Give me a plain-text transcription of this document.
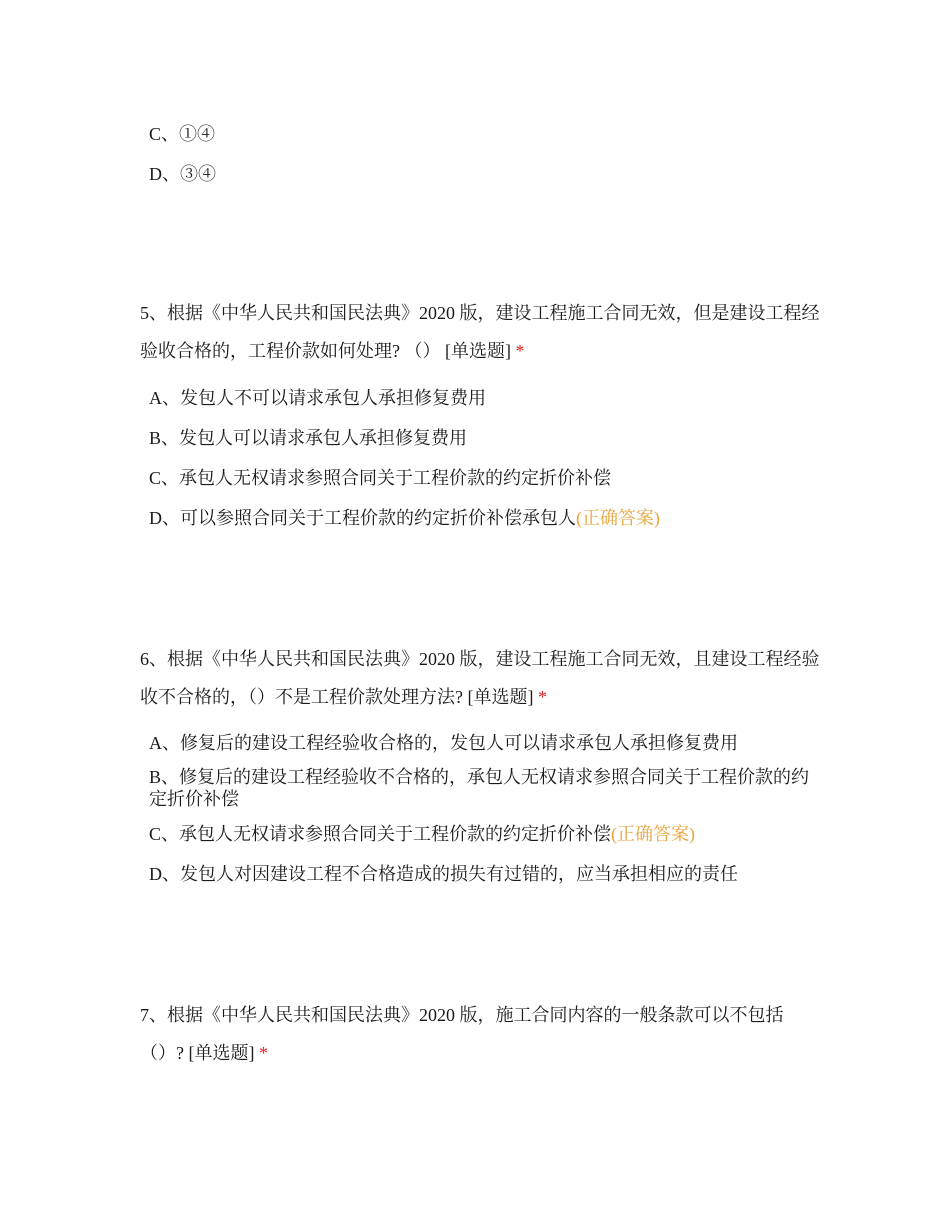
C、①④

D、③④

5、根据《中华人民共和国民法典》2020 版，建设工程施工合同无效，但是建设工程经验收合格的，工程价款如何处理? （） [单选题] *

A、发包人不可以请求承包人承担修复费用

B、发包人可以请求承包人承担修复费用

C、承包人无权请求参照合同关于工程价款的约定折价补偿

D、可以参照合同关于工程价款的约定折价补偿承包人(正确答案)

6、根据《中华人民共和国民法典》2020 版，建设工程施工合同无效，且建设工程经验收不合格的，（）不是工程价款处理方法? [单选题] *

A、修复后的建设工程经验收合格的，发包人可以请求承包人承担修复费用

B、修复后的建设工程经验收不合格的，承包人无权请求参照合同关于工程价款的约定折价补偿

C、承包人无权请求参照合同关于工程价款的约定折价补偿(正确答案)

D、发包人对因建设工程不合格造成的损失有过错的，应当承担相应的责任

7、根据《中华人民共和国民法典》2020 版，施工合同内容的一般条款可以不包括（）? [单选题] *
